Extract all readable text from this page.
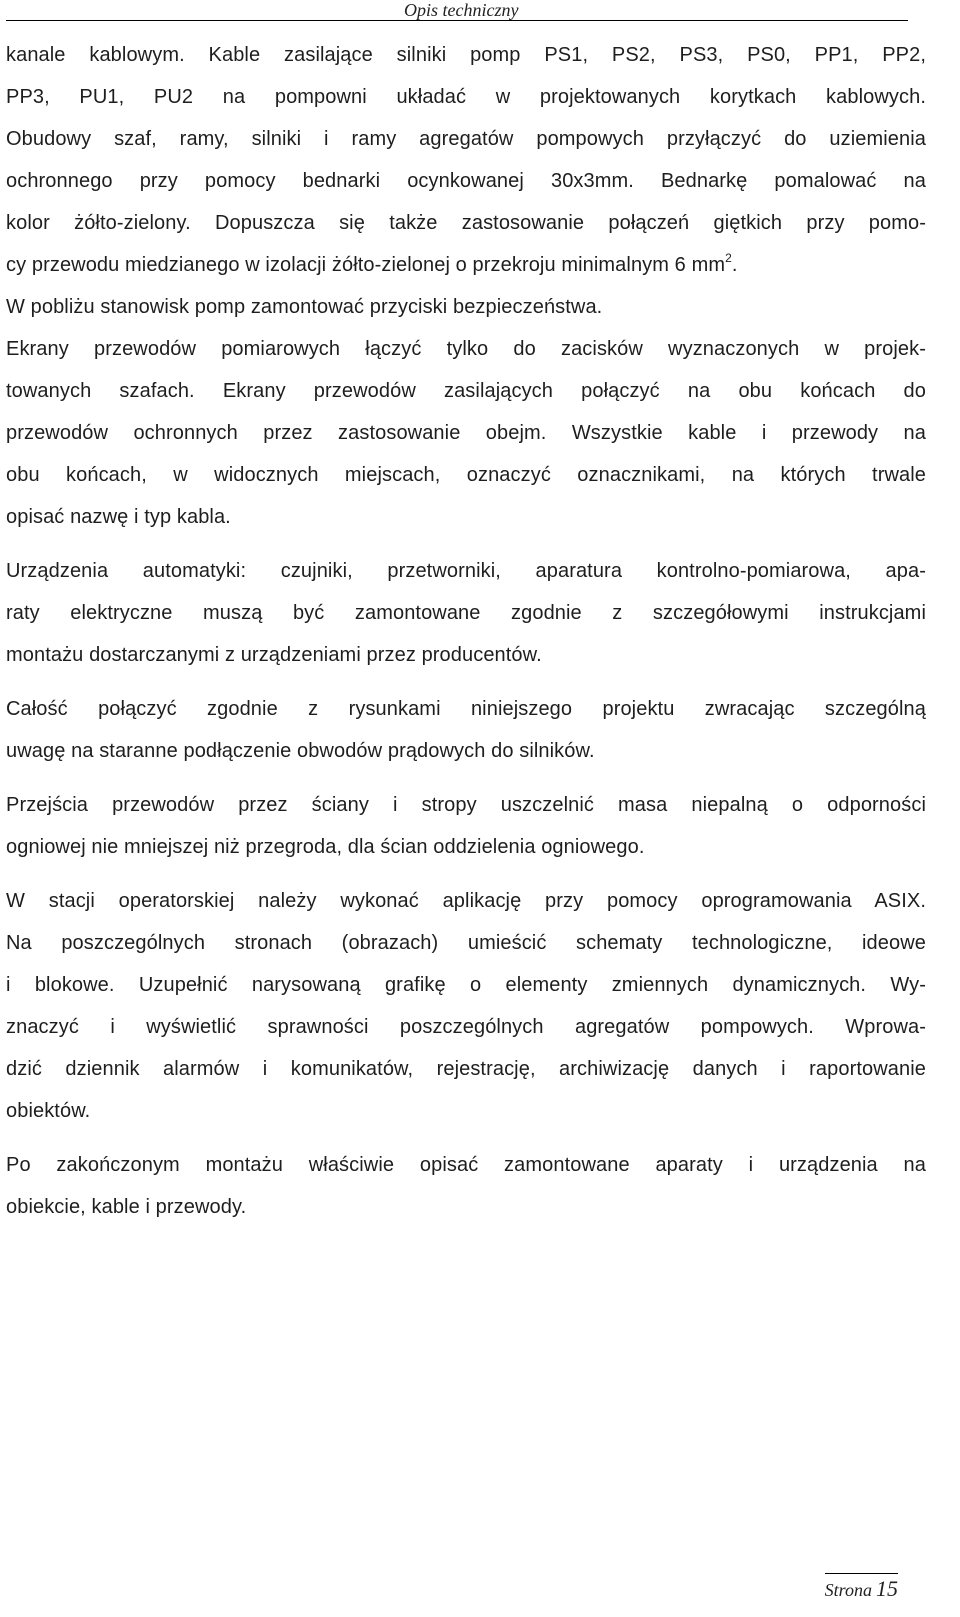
Opis techniczny

kanale kablowym. Kable zasilające silniki pomp PS1, PS2, PS3, PS0, PP1, PP2,
PP3, PU1, PU2 na pompowni układać w projektowanych korytkach kablowych.
Obudowy szaf, ramy, silniki i ramy agregatów pompowych przyłączyć do uziemienia
ochronnego przy pomocy bednarki ocynkowanej 30x3mm. Bednarkę pomalować na
kolor żółto-zielony. Dopuszcza się także zastosowanie połączeń giętkich przy pomo-
cy przewodu miedzianego w izolacji żółto-zielonej o przekroju minimalnym 6 $mm^2$.
W pobliżu stanowisk pomp zamontować przyciski bezpieczeństwa.
Ekrany przewodów pomiarowych łączyć tylko do zacisków wyznaczonych w projek-
towanych szafach. Ekrany przewodów zasilających połączyć na obu końcach do
przewodów ochronnych przez zastosowanie obejm. Wszystkie kable i przewody na
obu końcach, w widocznych miejscach, oznaczyć oznacznikami, na których trwale
opisać nazwę i typ kabla.

Urządzenia automatyki: czujniki, przetworniki, aparatura kontrolno-pomiarowa, apa-
raty elektryczne muszą być zamontowane zgodnie z szczegółowymi instrukcjami
montażu dostarczanymi z urządzeniami przez producentów.

Całość połączyć zgodnie z rysunkami niniejszego projektu zwracając szczególną
uwagę na staranne podłączenie obwodów prądowych do silników.

Przejścia przewodów przez ściany i stropy uszczelnić masa niepalną o odporności
ogniowej nie mniejszej niż przegroda, dla ścian oddzielenia ogniowego.

W stacji operatorskiej należy wykonać aplikację przy pomocy oprogramowania ASIX.
Na poszczególnych stronach (obrazach) umieścić schematy technologiczne, ideowe
i blokowe. Uzupełnić narysowaną grafikę o elementy zmiennych dynamicznych. Wy-
znaczyć i wyświetlić sprawności poszczególnych agregatów pompowych. Wprowa-
dzić dziennik alarmów i komunikatów, rejestrację, archiwizację danych i raportowanie
obiektów.

Po zakończonym montażu właściwie opisać zamontowane aparaty i urządzenia na
obiekcie, kable i przewody.

Strona 15
